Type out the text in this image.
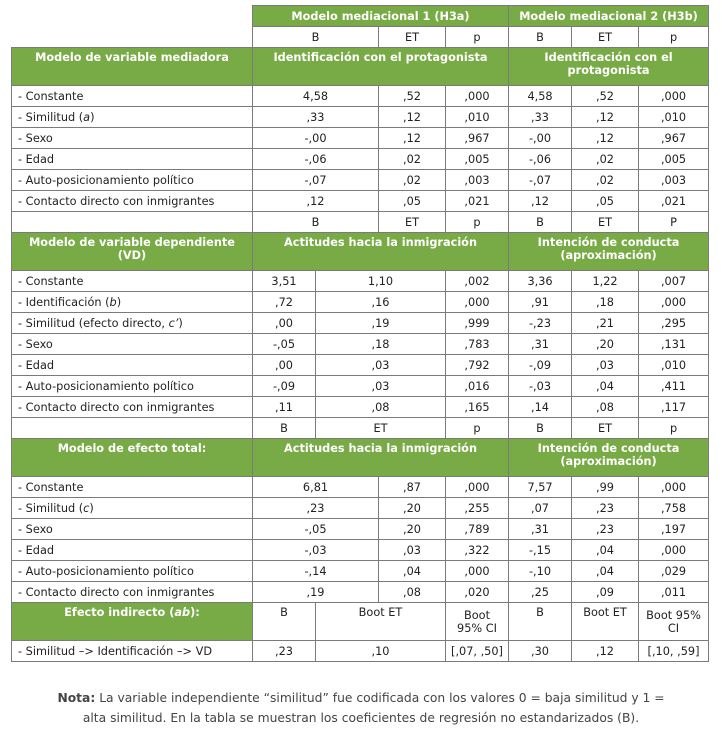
	Modelo mediacional 1 (H3a)				Modelo mediacional 2 (H3b)		
	B		ET	p	B	ET	p
Modelo de variable mediadora	Identificación con el protagonista				Identificación con el protagonista		
- Constante	4,58		,52	,000	4,58	,52	,000
- Similitud (a)	,33		,12	,010	,33	,12	,010
- Sexo	-,00		,12	,967	-,00	,12	,967
- Edad	-,06		,02	,005	-,06	,02	,005
- Auto-posicionamiento político	-,07		,02	,003	-,07	,02	,003
- Contacto directo con inmigrantes	,12		,05	,021	,12	,05	,021
	B		ET	p	B	ET	P
Modelo de variable dependiente (VD)	Actitudes hacia la inmigración				Intención de conducta (aproximación)		
- Constante	3,51	1,10		,002	3,36	1,22	,007
- Identificación (b)	,72	,16		,000	,91	,18	,000
- Similitud (efecto directo, c’)	,00	,19		,999	-,23	,21	,295
- Sexo	-,05	,18		,783	,31	,20	,131
- Edad	,00	,03		,792	-,09	,03	,010
- Auto-posicionamiento político	-,09	,03		,016	-,03	,04	,411
- Contacto directo con inmigrantes	,11	,08		,165	,14	,08	,117
	B	ET		p	B	ET	p
Modelo de efecto total:	Actitudes hacia la inmigración				Intención de conducta (aproximación)		
- Constante	6,81		,87	,000	7,57	,99	,000
- Similitud (c)	,23		,20	,255	,07	,23	,758
- Sexo	-,05		,20	,789	,31	,23	,197
- Edad	-,03		,03	,322	-,15	,04	,000
- Auto-posicionamiento político	-,14		,04	,000	-,10	,04	,029
- Contacto directo con inmigrantes	,19		,08	,020	,25	,09	,011
Efecto indirecto (ab):	B	Boot ET		Boot 95% CI	B	Boot ET	Boot 95% CI
- Similitud –> Identificación –> VD	,23	,10		[,07, ,50]	,30	,12	[,10, ,59]
Nota: La variable independiente “similitud” fue codificada con los valores 0 = baja similitud y 1 = alta similitud. En la tabla se muestran los coeficientes de regresión no estandarizados (B).
